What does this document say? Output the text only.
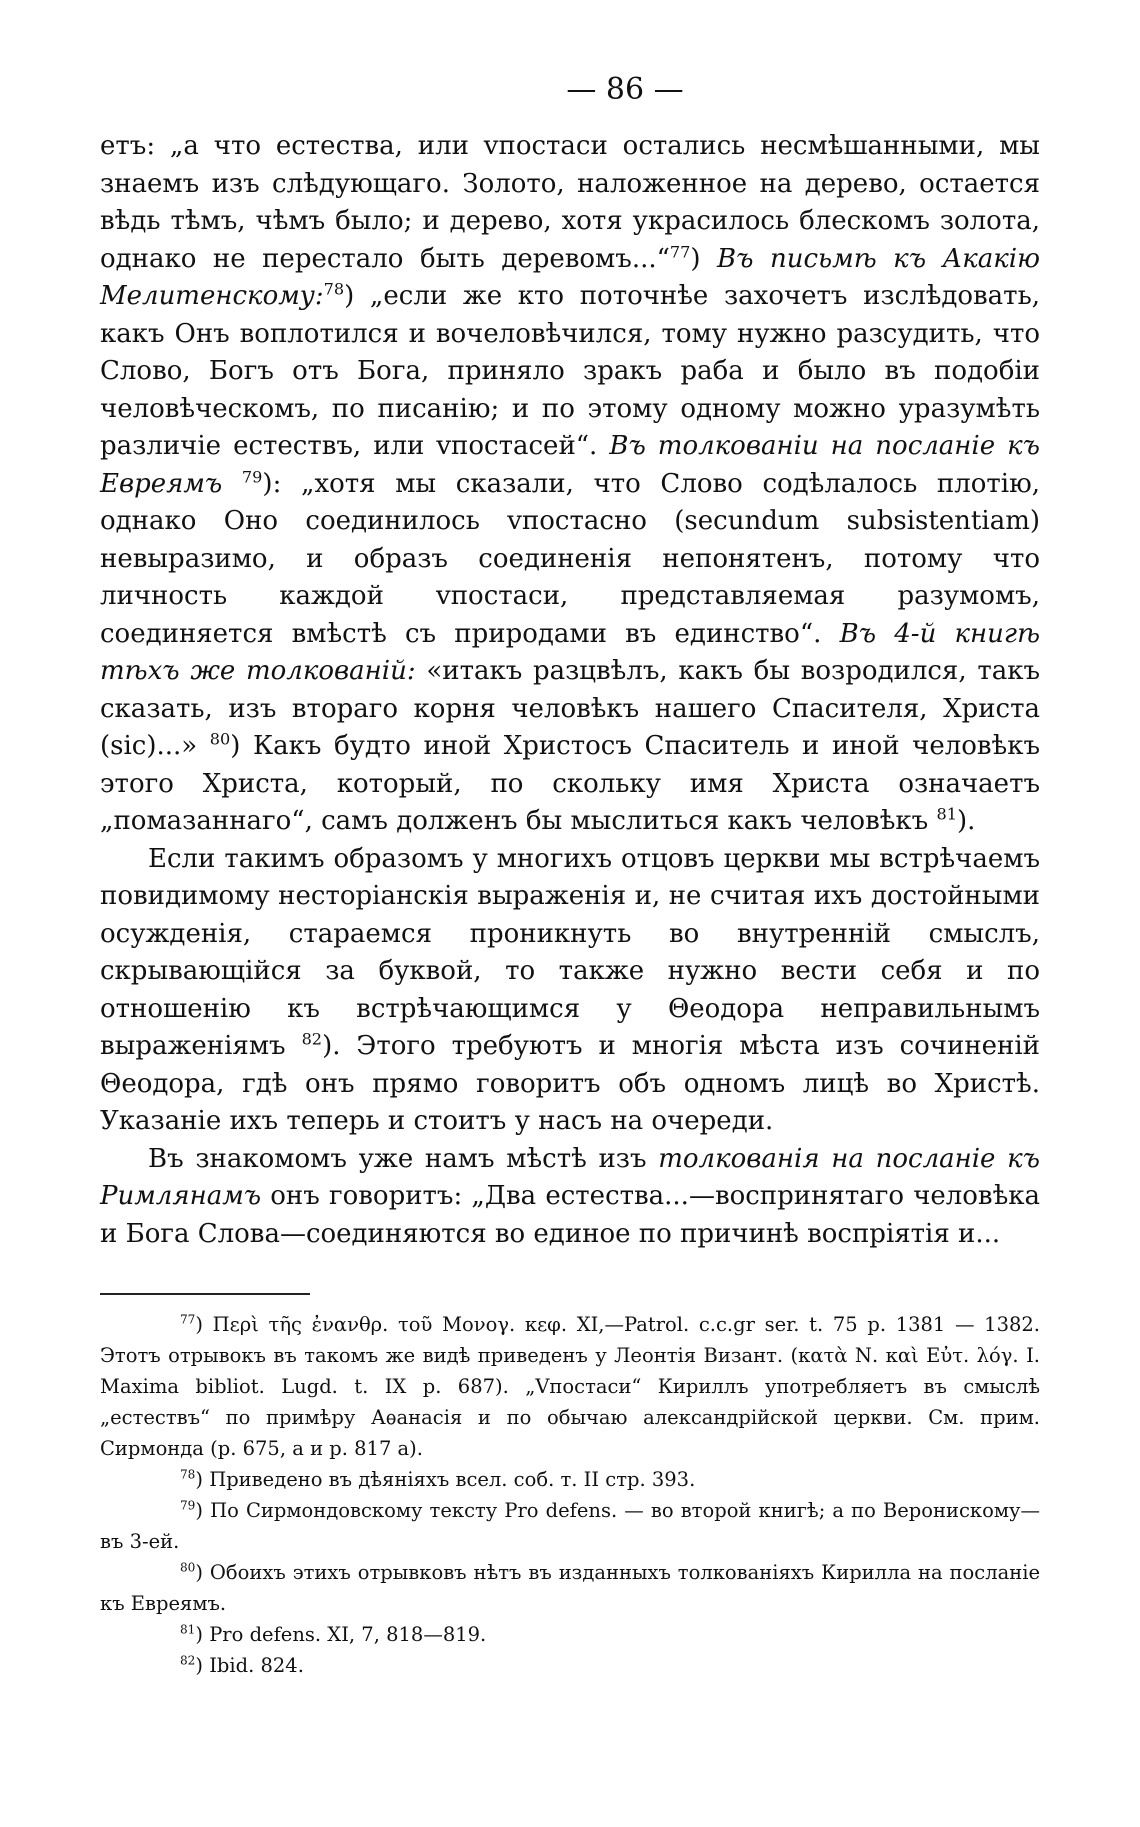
— 86 —

етъ: „а что естества, или vпостаси остались несмѣшанными, мы знаемъ изъ слѣдующаго. Золото, наложенное на дерево, остается вѣдь тѣмъ, чѣмъ было; и дерево, хотя украсилось блескомъ золота, однако не перестало быть деревомъ...“$^{77}$) Въ письмѣ къ Акакію Мелитенскому:$^{78}$) „если же кто поточнѣе захочетъ изслѣдовать, какъ Онъ воплотился и вочеловѣчился, тому нужно разсудить, что Слово, Богъ отъ Бога, приняло зракъ раба и было въ подобіи человѣческомъ, по писанію; и по этому одному можно уразумѣть различіе естествъ, или vпостасей“. Въ толкованіи на посланіе къ Евреямъ $^{79}$): „хотя мы сказали, что Слово содѣлалось плотію, однако Оно соединилось vпостасно (secundum subsistentiam) невыразимо, и образъ соединенія непонятенъ, потому что личность каждой vпостаси, представляемая разумомъ, соединяется вмѣстѣ съ природами въ единство“. Въ 4-й книгѣ тѣхъ же толкованій: «итакъ разцвѣлъ, какъ бы возродился, такъ сказать, изъ втораго корня человѣкъ нашего Спасителя, Христа (sic)...» $^{80}$) Какъ будто иной Христосъ Спаситель и иной человѣкъ этого Христа, который, по скольку имя Христа означаетъ „помазаннаго“, самъ долженъ бы мыслиться какъ человѣкъ $^{81}$).

Если такимъ образомъ у многихъ отцовъ церкви мы встрѣчаемъ повидимому несторіанскія выраженія и, не считая ихъ достойными осужденія, стараемся проникнуть во внутренній смыслъ, скрывающійся за буквой, то также нужно вести себя и по отношенію къ встрѣчающимся у Θеодора неправильнымъ выраженіямъ $^{82}$). Этого требуютъ и многія мѣста изъ сочиненій Θеодора, гдѣ онъ прямо говоритъ объ одномъ лицѣ во Христѣ. Указаніе ихъ теперь и стоитъ у насъ на очереди.

Въ знакомомъ уже намъ мѣстѣ изъ толкованія на посланіе къ Римлянамъ онъ говоритъ: „Два естества...—воспринятаго человѣка и Бога Слова—соединяются во единое по причинѣ воспріятія и...

$^{77}$) Περὶ τῆς ἐνανθρ. τοῦ Μονογ. κεφ. XI,—Patrol. c.c.gr ser. t. 75 p. 1381 — 1382. Этотъ отрывокъ въ такомъ же видѣ приведенъ у Леонтія Визант. (κατὰ Ν. καὶ Εὐτ. λόγ. I. Maxima bibliot. Lugd. t. IX p. 687). „Vпостаси“ Кириллъ употребляетъ въ смыслѣ „естествъ“ по примѣру Аѳанасія и по обычаю александрійской церкви. См. прим. Сирмонда (p. 675, a и p. 817 a).

$^{78}$) Приведено въ дѣяніяхъ всел. соб. т. II стр. 393.

$^{79}$) По Сирмондовскому тексту Pro defens. — во второй книгѣ; а по Веронискому—въ 3-ей.

$^{80}$) Обоихъ этихъ отрывковъ нѣтъ въ изданныхъ толкованіяхъ Кирилла на посланіе къ Евреямъ.

$^{81}$) Pro defens. XI, 7, 818—819.

$^{82}$) Ibid. 824.
